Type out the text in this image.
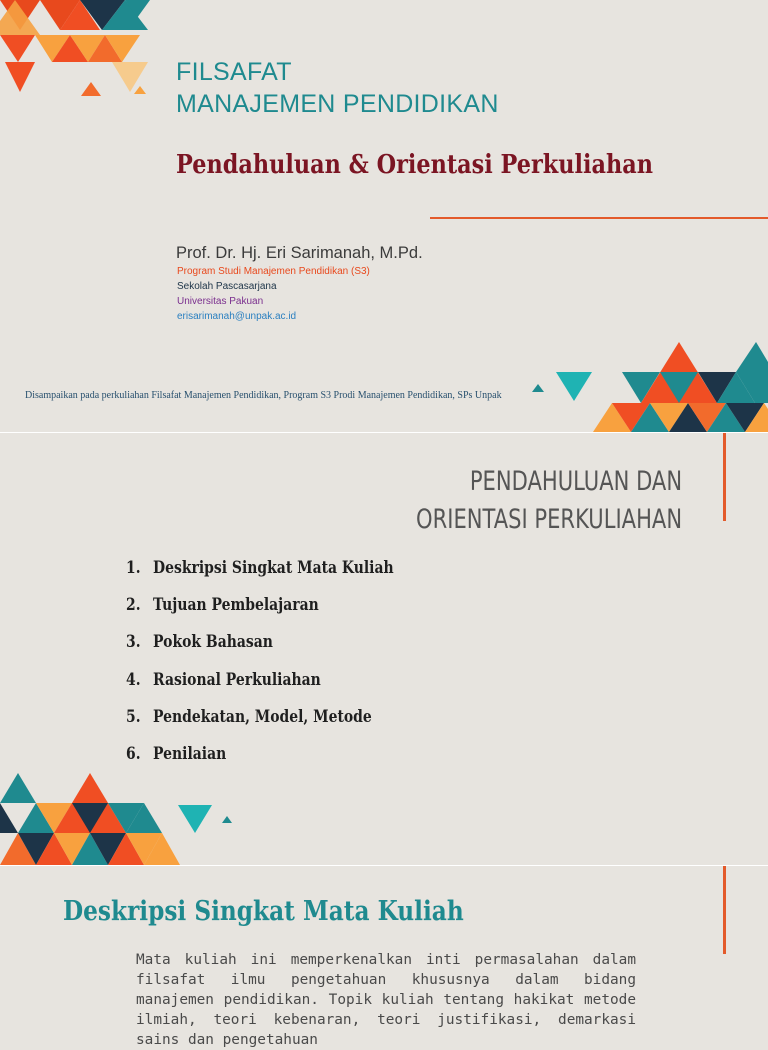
FILSAFAT
MANAJEMEN PENDIDIKAN

Pendahuluan & Orientasi Perkuliahan

Prof. Dr. Hj. Eri Sarimanah, M.Pd.

Program Studi Manajemen Pendidikan (S3)

Sekolah Pascasarjana

Universitas Pakuan

erisarimanah@unpak.ac.id

Disampaikan pada perkuliahan Filsafat Manajemen Pendidikan, Program S3 Prodi Manajemen Pendidikan, SPs Unpak

PENDAHULUAN DAN
ORIENTASI PERKULIAHAN

1. Deskripsi Singkat Mata Kuliah
2. Tujuan Pembelajaran
3. Pokok Bahasan
4. Rasional Perkuliahan
5. Pendekatan, Model, Metode
6. Penilaian

Deskripsi Singkat Mata Kuliah

Mata kuliah ini memperkenalkan inti permasalahan dalam filsafat ilmu pengetahuan khususnya dalam bidang manajemen pendidikan. Topik kuliah tentang hakikat metode ilmiah, teori kebenaran, teori justifikasi, demarkasi sains dan pengetahuan
